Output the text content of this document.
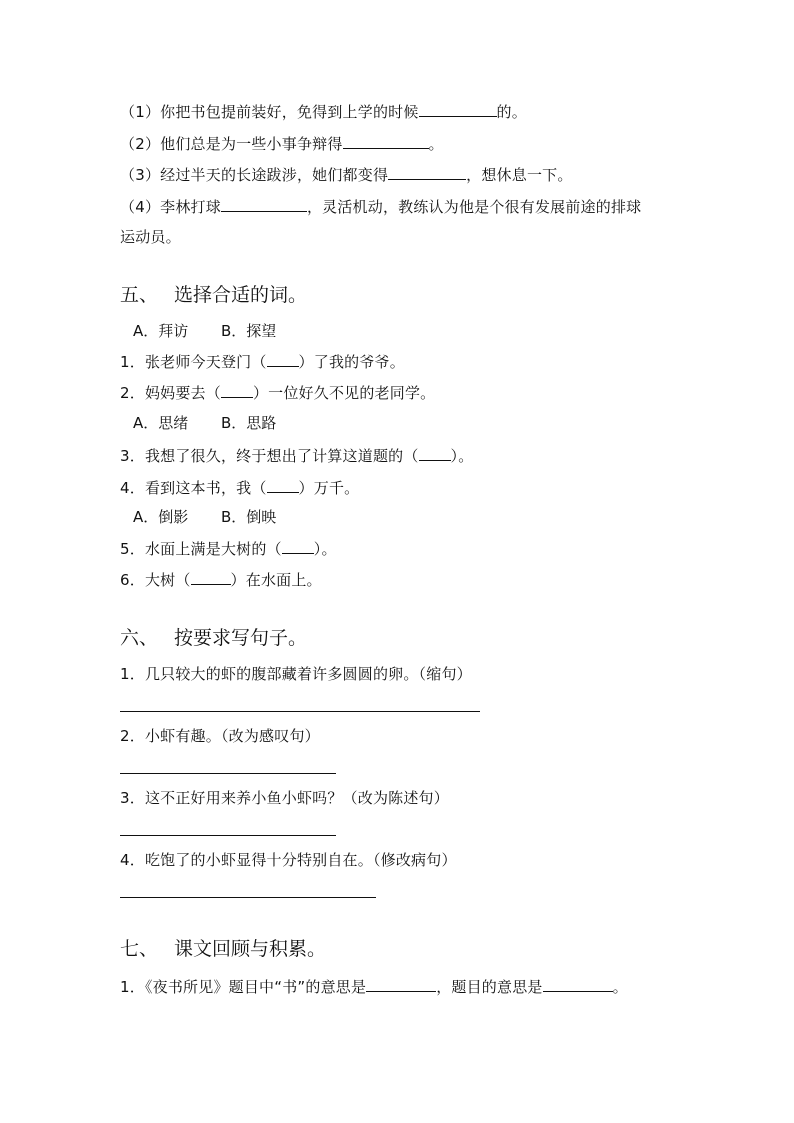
（1）你把书包提前装好，免得到上学的时候	的。
（2）他们总是为一些小事争辩得	。
（3）经过半天的长途跋涉，她们都变得	，想休息一下。
（4）李林打球	，灵活机动，教练认为他是个很有发展前途的排球
运动员。
五、 选择合适的词。
A．拜访 B．探望
1．张老师今天登门（ ）了我的爷爷。
2．妈妈要去（ ）一位好久不见的老同学。
A．思绪 B．思路
3．我想了很久，终于想出了计算这道题的（ ）。
4．看到这本书，我（ ）万千。
A．倒影 B．倒映
5．水面上满是大树的（ ）。
6．大树（	）在水面上。
六、 按要求写句子。
1．几只较大的虾的腹部藏着许多圆圆的卵。（缩句）
2．小虾有趣。（改为感叹句）
3．这不正好用来养小鱼小虾吗？（改为陈述句）
4．吃饱了的小虾显得十分特别自在。（修改病句）
七、 课文回顾与积累。
1．《夜书所见》题目中“书”的意思是	，题目的意思是	。
